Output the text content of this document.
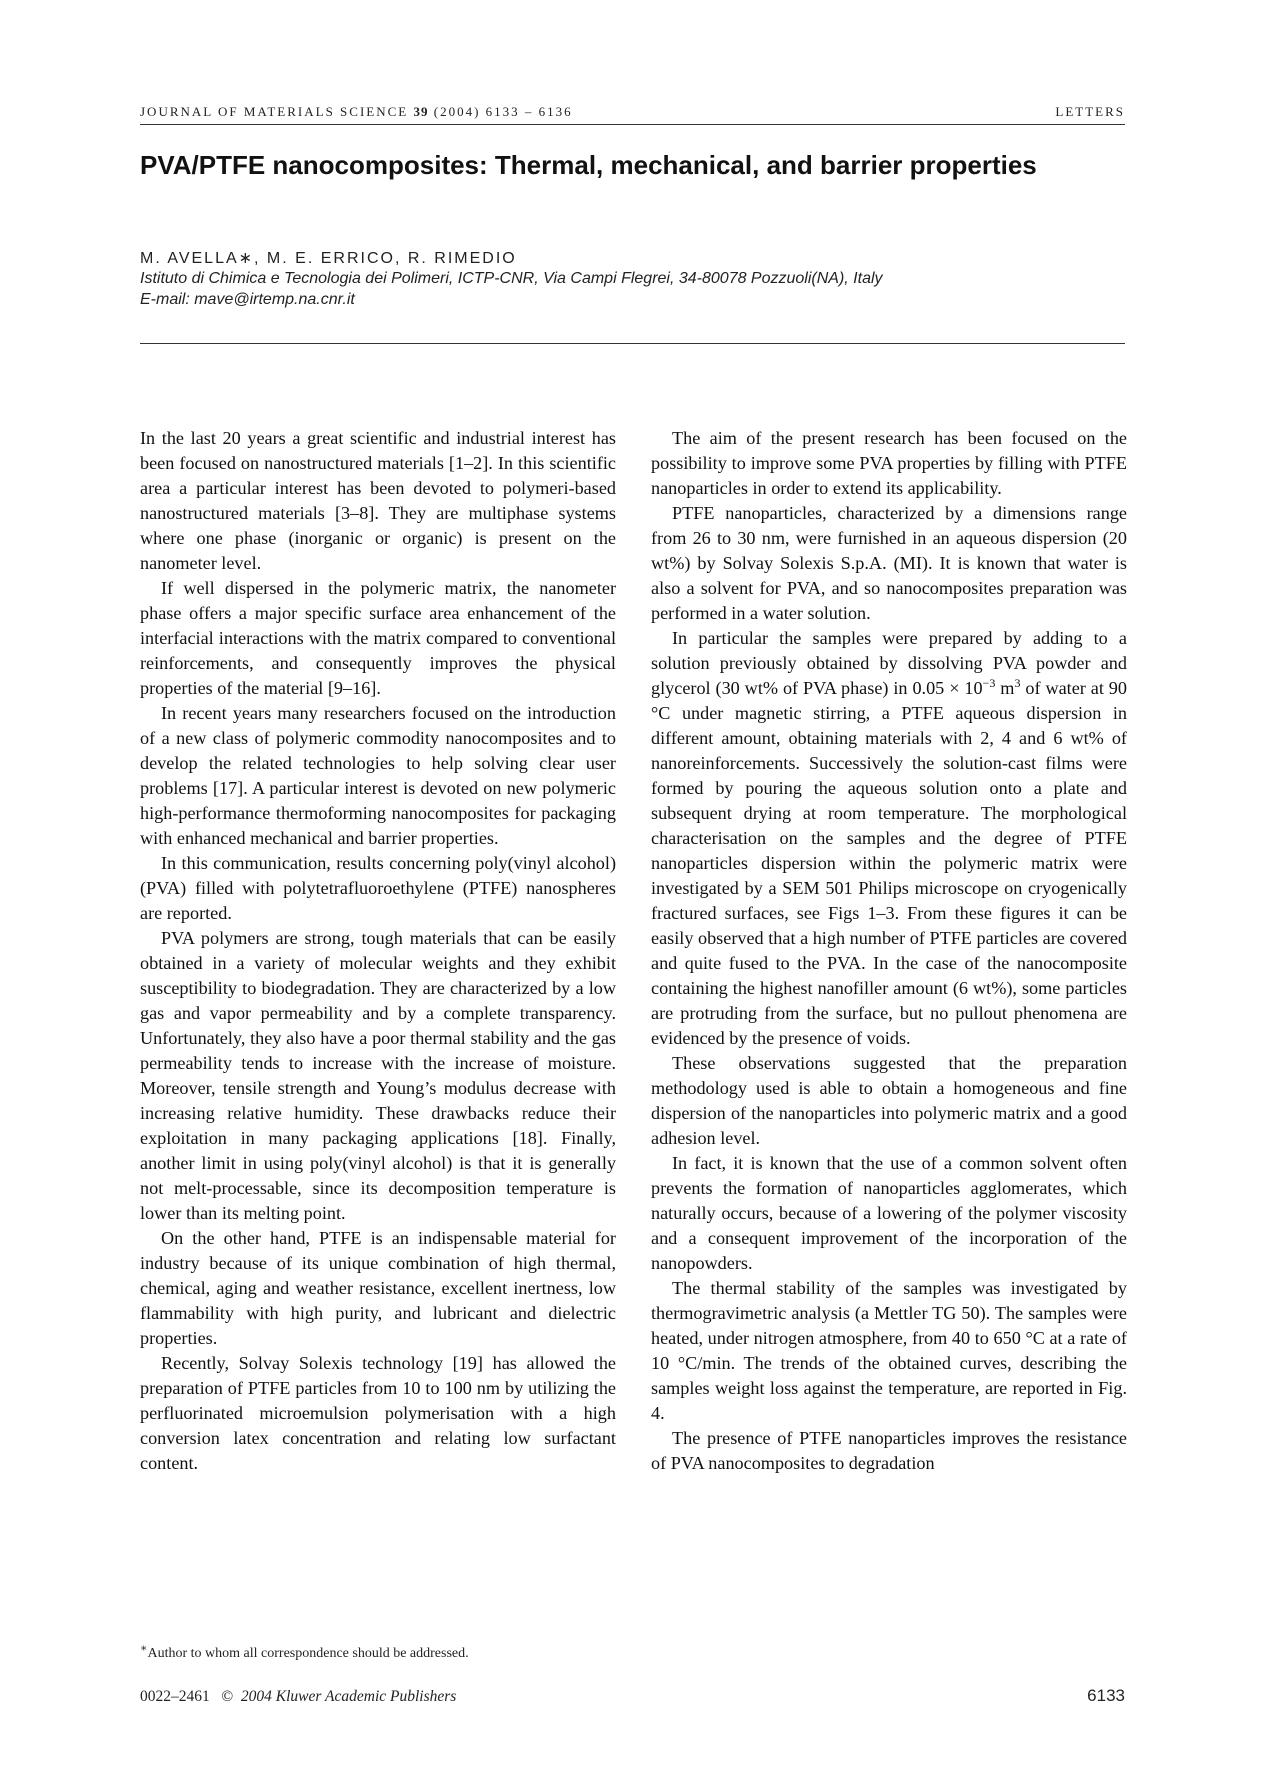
JOURNAL OF MATERIALS SCIENCE 39 (2004) 6133 – 6136	LETTERS
PVA/PTFE nanocomposites: Thermal, mechanical, and barrier properties

M. AVELLA∗, M. E. ERRICO, R. RIMEDIO

Istituto di Chimica e Tecnologia dei Polimeri, ICTP-CNR, Via Campi Flegrei, 34-80078 Pozzuoli(NA), Italy
E-mail: mave@irtemp.na.cnr.it

In the last 20 years a great scientific and industrial interest has been focused on nanostructured materials [1–2]. In this scientific area a particular interest has been devoted to polymeri-based nanostructured materials [3–8]. They are multiphase systems where one phase (inorganic or organic) is present on the nanometer level.

If well dispersed in the polymeric matrix, the nanometer phase offers a major specific surface area enhancement of the interfacial interactions with the matrix compared to conventional reinforcements, and consequently improves the physical properties of the material [9–16].

In recent years many researchers focused on the introduction of a new class of polymeric commodity nanocomposites and to develop the related technologies to help solving clear user problems [17]. A particular interest is devoted on new polymeric high-performance thermoforming nanocomposites for packaging with enhanced mechanical and barrier properties.

In this communication, results concerning poly(vinyl alcohol) (PVA) filled with polytetrafluoroethylene (PTFE) nanospheres are reported.

PVA polymers are strong, tough materials that can be easily obtained in a variety of molecular weights and they exhibit susceptibility to biodegradation. They are characterized by a low gas and vapor permeability and by a complete transparency. Unfortunately, they also have a poor thermal stability and the gas permeability tends to increase with the increase of moisture. Moreover, tensile strength and Young’s modulus decrease with increasing relative humidity. These drawbacks reduce their exploitation in many packaging applications [18]. Finally, another limit in using poly(vinyl alcohol) is that it is generally not melt-processable, since its decomposition temperature is lower than its melting point.

On the other hand, PTFE is an indispensable material for industry because of its unique combination of high thermal, chemical, aging and weather resistance, excellent inertness, low flammability with high purity, and lubricant and dielectric properties.

Recently, Solvay Solexis technology [19] has allowed the preparation of PTFE particles from 10 to 100 nm by utilizing the perfluorinated microemulsion polymerisation with a high conversion latex concentration and relating low surfactant content.

The aim of the present research has been focused on the possibility to improve some PVA properties by filling with PTFE nanoparticles in order to extend its applicability.

PTFE nanoparticles, characterized by a dimensions range from 26 to 30 nm, were furnished in an aqueous dispersion (20 wt%) by Solvay Solexis S.p.A. (MI). It is known that water is also a solvent for PVA, and so nanocomposites preparation was performed in a water solution.

In particular the samples were prepared by adding to a solution previously obtained by dissolving PVA powder and glycerol (30 wt% of PVA phase) in $0.05 \times 10^{-3}$ $m^3$ of water at 90 °C under magnetic stirring, a PTFE aqueous dispersion in different amount, obtaining materials with 2, 4 and 6 wt% of nanoreinforcements. Successively the solution-cast films were formed by pouring the aqueous solution onto a plate and subsequent drying at room temperature. The morphological characterisation on the samples and the degree of PTFE nanoparticles dispersion within the polymeric matrix were investigated by a SEM 501 Philips microscope on cryogenically fractured surfaces, see Figs 1–3. From these figures it can be easily observed that a high number of PTFE particles are covered and quite fused to the PVA. In the case of the nanocomposite containing the highest nanofiller amount (6 wt%), some particles are protruding from the surface, but no pullout phenomena are evidenced by the presence of voids.

These observations suggested that the preparation methodology used is able to obtain a homogeneous and fine dispersion of the nanoparticles into polymeric matrix and a good adhesion level.

In fact, it is known that the use of a common solvent often prevents the formation of nanoparticles agglomerates, which naturally occurs, because of a lowering of the polymer viscosity and a consequent improvement of the incorporation of the nanopowders.

The thermal stability of the samples was investigated by thermogravimetric analysis (a Mettler TG 50). The samples were heated, under nitrogen atmosphere, from 40 to 650 °C at a rate of 10 °C/min. The trends of the obtained curves, describing the samples weight loss against the temperature, are reported in Fig. 4.

The presence of PTFE nanoparticles improves the resistance of PVA nanocomposites to degradation

∗Author to whom all correspondence should be addressed.

0022–2461 © 2004 Kluwer Academic Publishers	6133
